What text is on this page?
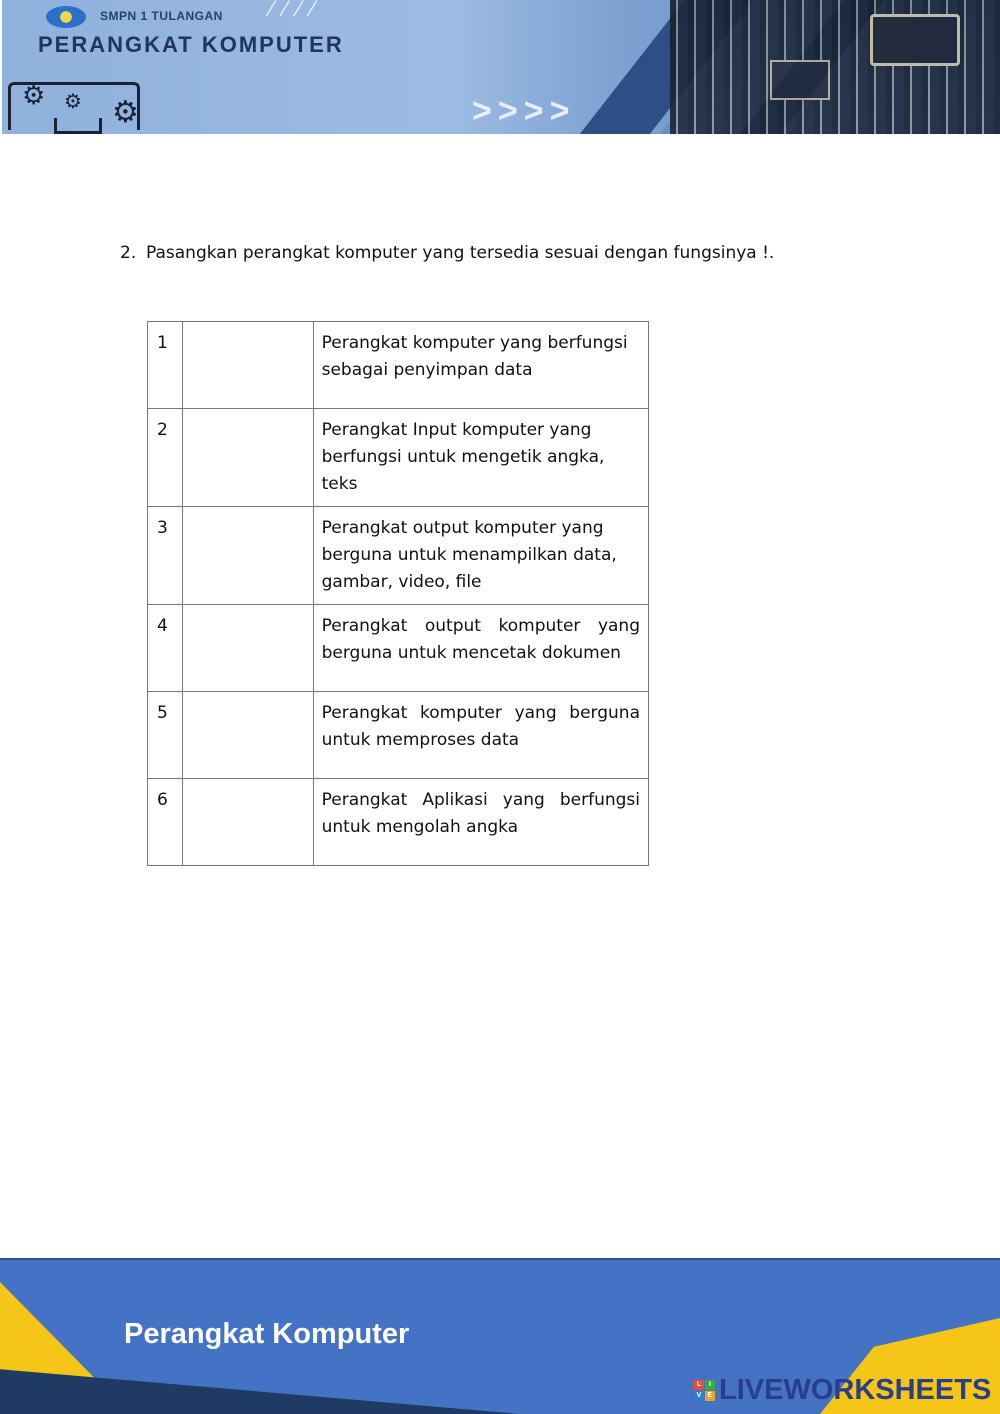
SMPN 1 TULANGAN
PERANGKAT KOMPUTER
⁄⁄⁄⁄
>>>>
⚙ ⚙ ⚙
2. Pasangkan perangkat komputer yang tersedia sesuai dengan fungsinya !.
1		Perangkat komputer yang berfungsi sebagai penyimpan data
2		Perangkat Input komputer yang berfungsi untuk mengetik angka, teks
3		Perangkat output komputer yang berguna untuk menampilkan data, gambar, video, file
4		Perangkat output komputer yang berguna untuk mencetak dokumen
5		Perangkat komputer yang berguna untuk memproses data
6		Perangkat Aplikasi yang berfungsi untuk mengolah angka
Perangkat Komputer
L	I
V E LIVEWORKSHEETS
